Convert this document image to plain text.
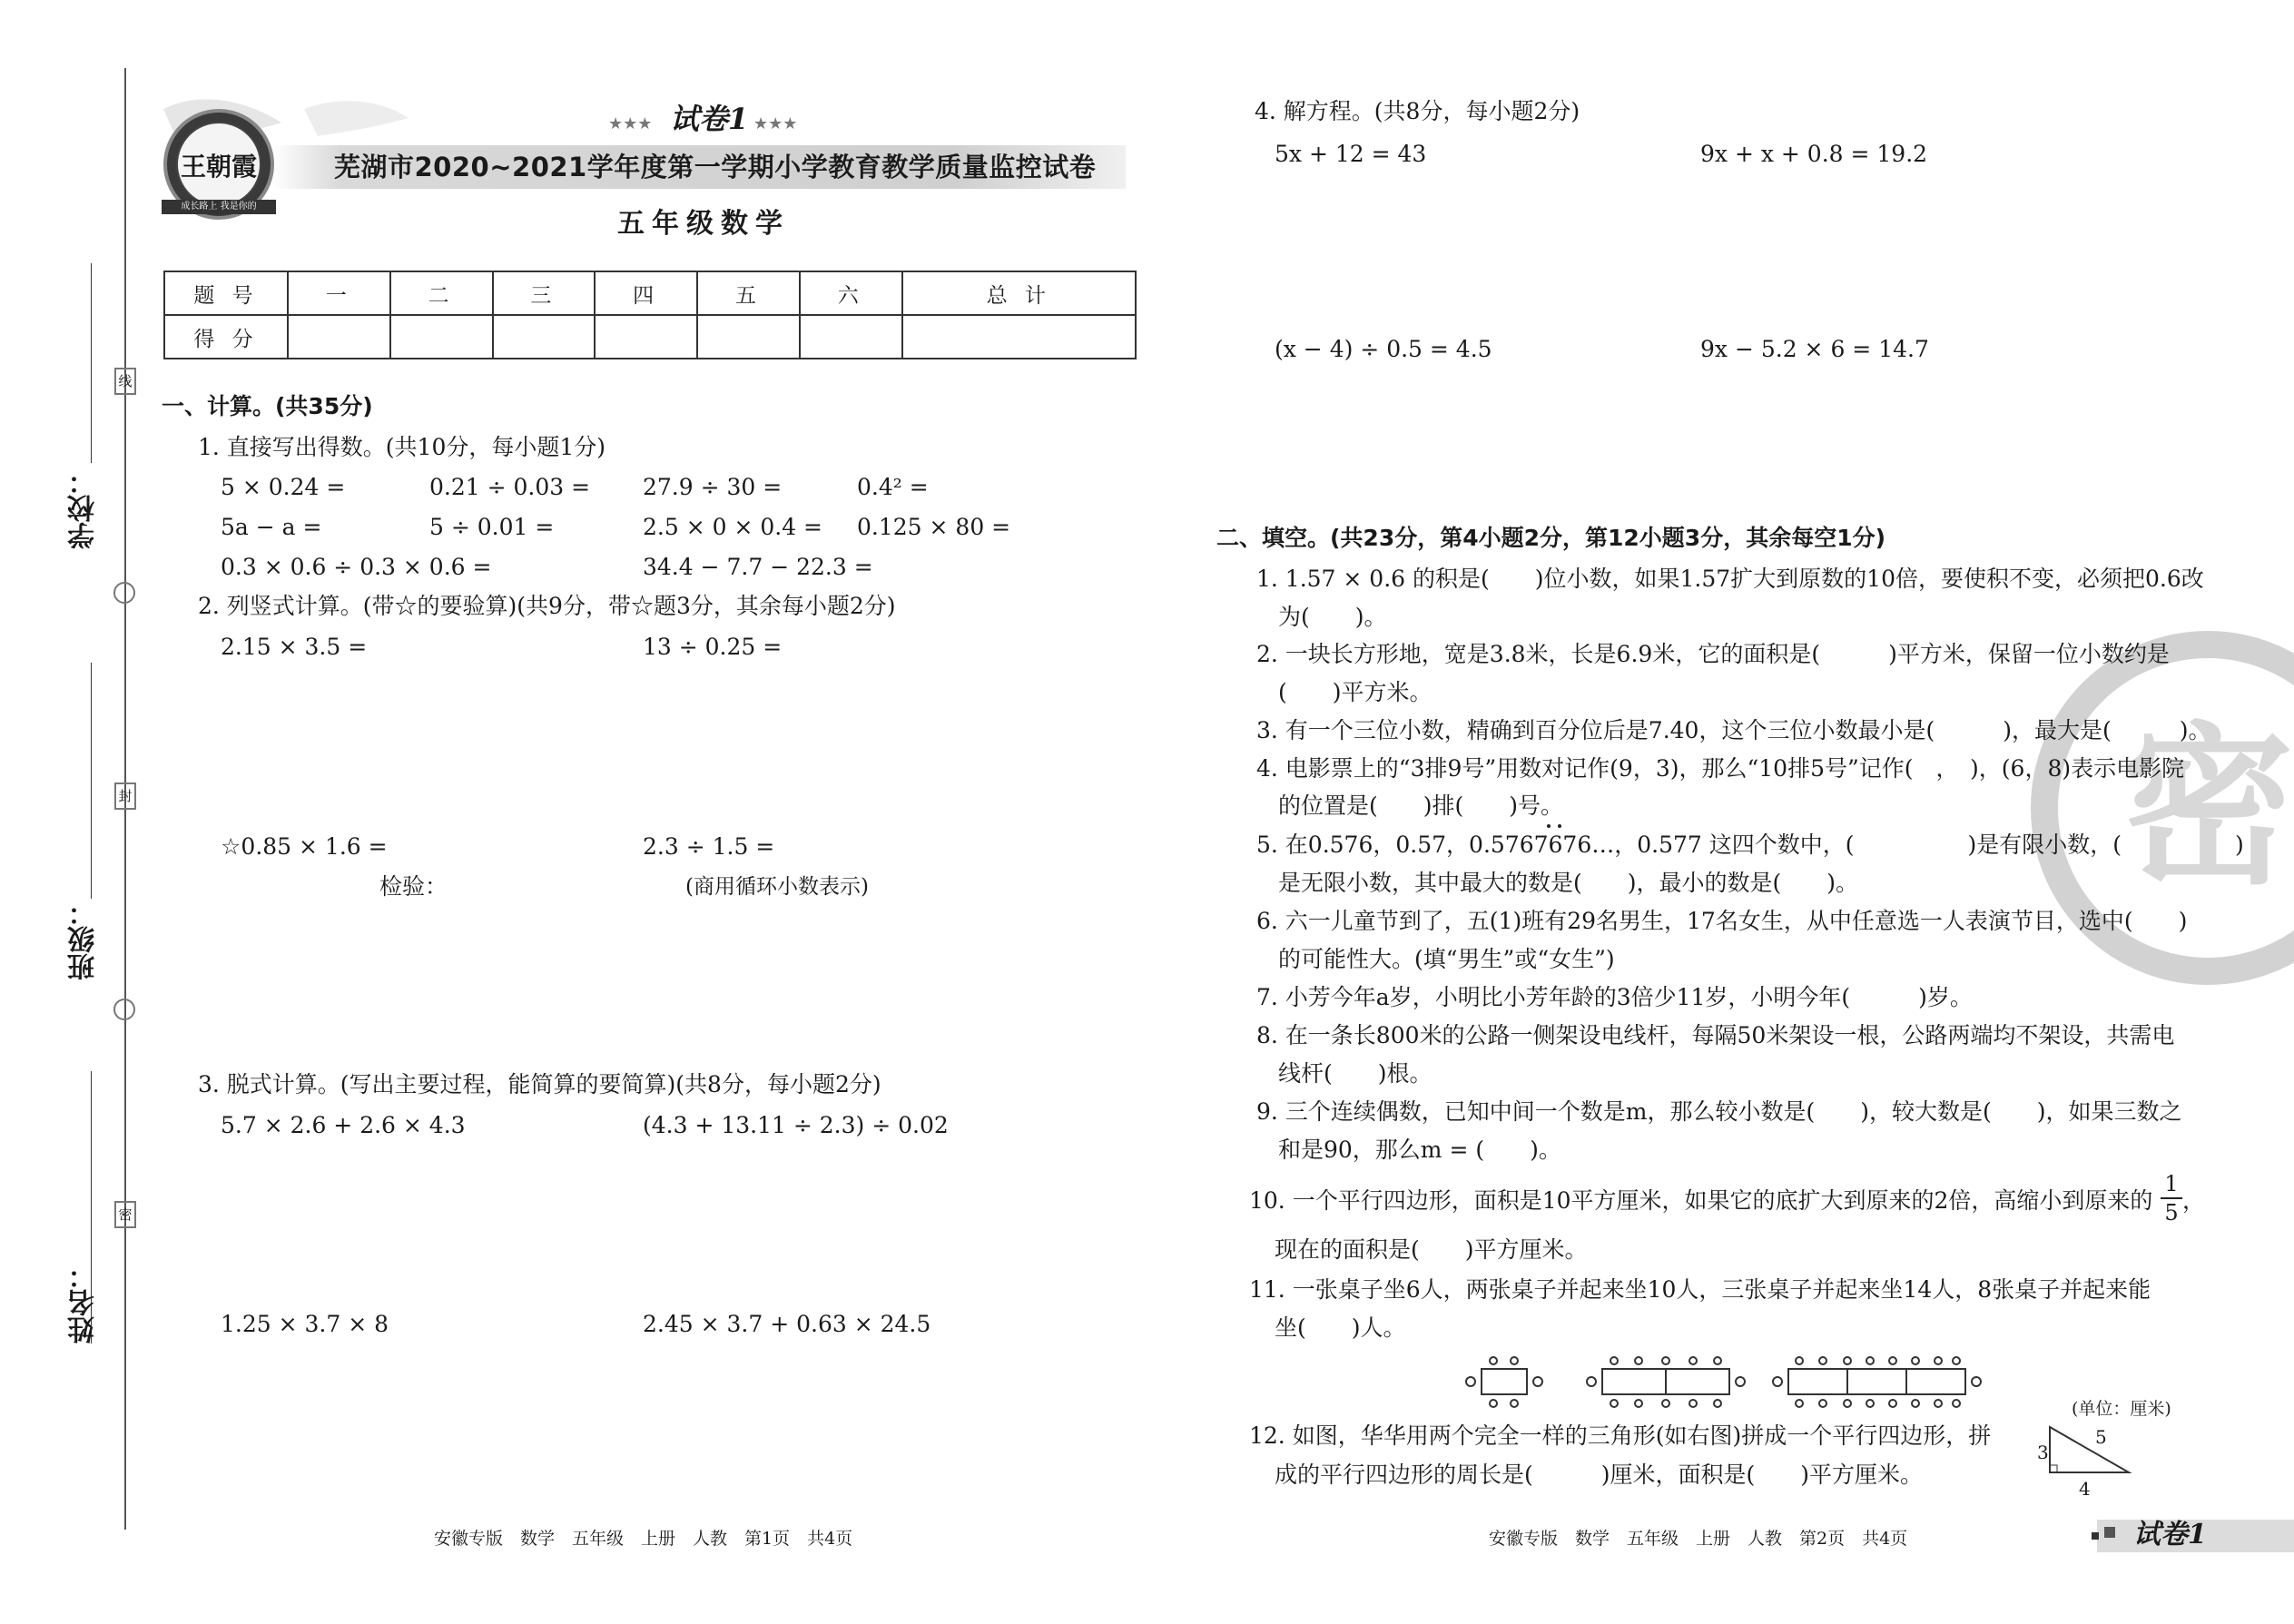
学校：
班级：
姓名：
线
封
密
王朝霞
成长路上 我是你的
★★★ 试卷1 ★★★
芜湖市2020~2021学年度第一学期小学教育教学质量监控试卷
五年级数学
题 号	一	二	三	四	五	六	总 计
得 分							
一、计算。(共35分)
1. 直接写出得数。(共10分，每小题1分)
5 × 0.24 =	0.21 ÷ 0.03 = 27.9 ÷ 30 =	0.4² =
5a − a =	5 ÷ 0.01 =	2.5 × 0 × 0.4 = 0.125 × 80 =
0.3 × 0.6 ÷ 0.3 × 0.6 =	34.4 − 7.7 − 22.3 =
2. 列竖式计算。(带☆的要验算)(共9分，带☆题3分，其余每小题2分)
2.15 × 3.5 =	13 ÷ 0.25 =
☆0.85 × 1.6 =	2.3 ÷ 1.5 =
检验：	(商用循环小数表示)
3. 脱式计算。(写出主要过程，能简算的要简算)(共8分，每小题2分)
5.7 × 2.6 + 2.6 × 4.3	(4.3 + 13.11 ÷ 2.3) ÷ 0.02
1.25 × 3.7 × 8	2.45 × 3.7 + 0.63 × 24.5
安徽专版　数学　五年级　上册　人教　第1页　共4页
4. 解方程。(共8分，每小题2分)
5x + 12 = 43	9x + x + 0.8 = 19.2
(x − 4) ÷ 0.5 = 4.5	9x − 5.2 × 6 = 14.7
密
二、填空。(共23分，第4小题2分，第12小题3分，其余每空1分)
1. 1.57 × 0.6 的积是(　　)位小数，如果1.57扩大到原数的10倍，要使积不变，必须把0.6改
为(　　)。
2. 一块长方形地，宽是3.8米，长是6.9米，它的面积是(　　　)平方米，保留一位小数约是
(　　)平方米。
3. 有一个三位小数，精确到百分位后是7.40，这个三位小数最小是(　　　)，最大是(　　　)。
4. 电影票上的“3排9号”用数对记作(9，3)，那么“10排5号”记作(　，　)，(6，8)表示电影院
的位置是(　　)排(　　)号。
5. 在0.576，0.57，0.5767676…，0.577 这四个数中，(　　　　　)是有限小数，(　　　　　)
是无限小数，其中最大的数是(　　)，最小的数是(　　)。
6. 六一儿童节到了，五(1)班有29名男生，17名女生，从中任意选一人表演节目，选中(　　)
的可能性大。(填“男生”或“女生”)
7. 小芳今年a岁，小明比小芳年龄的3倍少11岁，小明今年(　　　)岁。
8. 在一条长800米的公路一侧架设电线杆，每隔50米架设一根，公路两端均不架设，共需电
线杆(　　)根。
9. 三个连续偶数，已知中间一个数是m，那么较小数是(　　)，较大数是(　　)，如果三数之
和是90，那么m = (　　)。
10. 一个平行四边形，面积是10平方厘米，如果它的底扩大到原来的2倍，高缩小到原来的
1
5 ，
现在的面积是(　　)平方厘米。
11. 一张桌子坐6人，两张桌子并起来坐10人，三张桌子并起来坐14人，8张桌子并起来能
坐(　　)人。
12. 如图，华华用两个完全一样的三角形(如右图)拼成一个平行四边形，拼
成的平行四边形的周长是(　　　)厘米，面积是(　　)平方厘米。
(单位：厘米)
3
5
4
安徽专版　数学　五年级　上册　人教　第2页　共4页	试卷1
